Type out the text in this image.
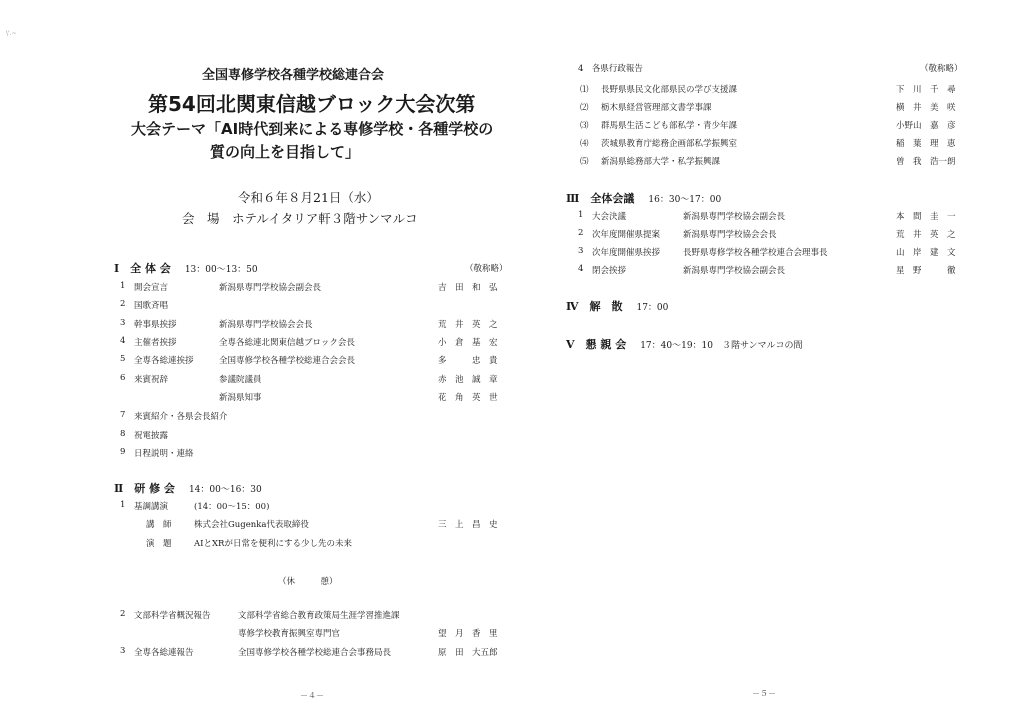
\'.~
全国専修学校各種学校総連合会
第54回北関東信越ブロック大会次第
大会テーマ「AI時代到来による専修学校・各種学校の
質の向上を目指して」
令和６年８月21日（水）
会　場　ホテルイタリア軒３階サンマルコ
Ⅰ　全 体 会 13：00～13：50	（敬称略）
1 開会宣言	新潟県専門学校協会副会長	吉　田　和　弘
2 国歌斉唱
3 幹事県挨拶	新潟県専門学校協会会長	荒　井　英　之
4 主催者挨拶	全専各総連北関東信越ブロック会長	小　倉　基　宏
5 全専各総連挨拶	全国専修学校各種学校総連合会会長	多　　　忠　貴
6 来賓祝辞	参議院議員	赤　池　誠　章
新潟県知事	花　角　英　世
7 来賓紹介・各県会長紹介
8 祝電披露
9 日程説明・連絡
Ⅱ　研 修 会 14：00～16：30
1 基調講演	(14：00～15：00)
講　師	株式会社Gugenka代表取締役	三　上　昌　史
演　題	AIとXRが日常を便利にする少し先の未来
（休　　　憩）
2 文部科学省概況報告	文部科学省総合教育政策局生涯学習推進課
専修学校教育振興室専門官	望　月　香　里
3 全専各総連報告	全国専修学校各種学校総連合会事務局長	原　田　大五郎
－４－
4　各県行政報告	（敬称略）
⑴ 長野県県民文化部県民の学び支援課	下　川　千　尋
⑵ 栃木県経営管理部文書学事課	横　井　美　咲
⑶ 群馬県生活こども部私学・青少年課	小野山　嘉　彦
⑷ 茨城県教育庁総務企画部私学振興室	稲　葉　理　恵
⑸ 新潟県総務部大学・私学振興課	曽　我　浩一朗
Ⅲ　全体会議 16：30～17：00
1 大会決議	新潟県専門学校協会副会長	本　間　圭　一
2 次年度開催県提案	新潟県専門学校協会会長	荒　井　英　之
3 次年度開催県挨拶	長野県専修学校各種学校連合会理事長	山　岸　建　文
4 閉会挨拶	新潟県専門学校協会副会長	星　野　　　徹
Ⅳ　解　散 17：00
Ⅴ　懇 親 会 17：40～19：10　３階サンマルコの間
－５－
